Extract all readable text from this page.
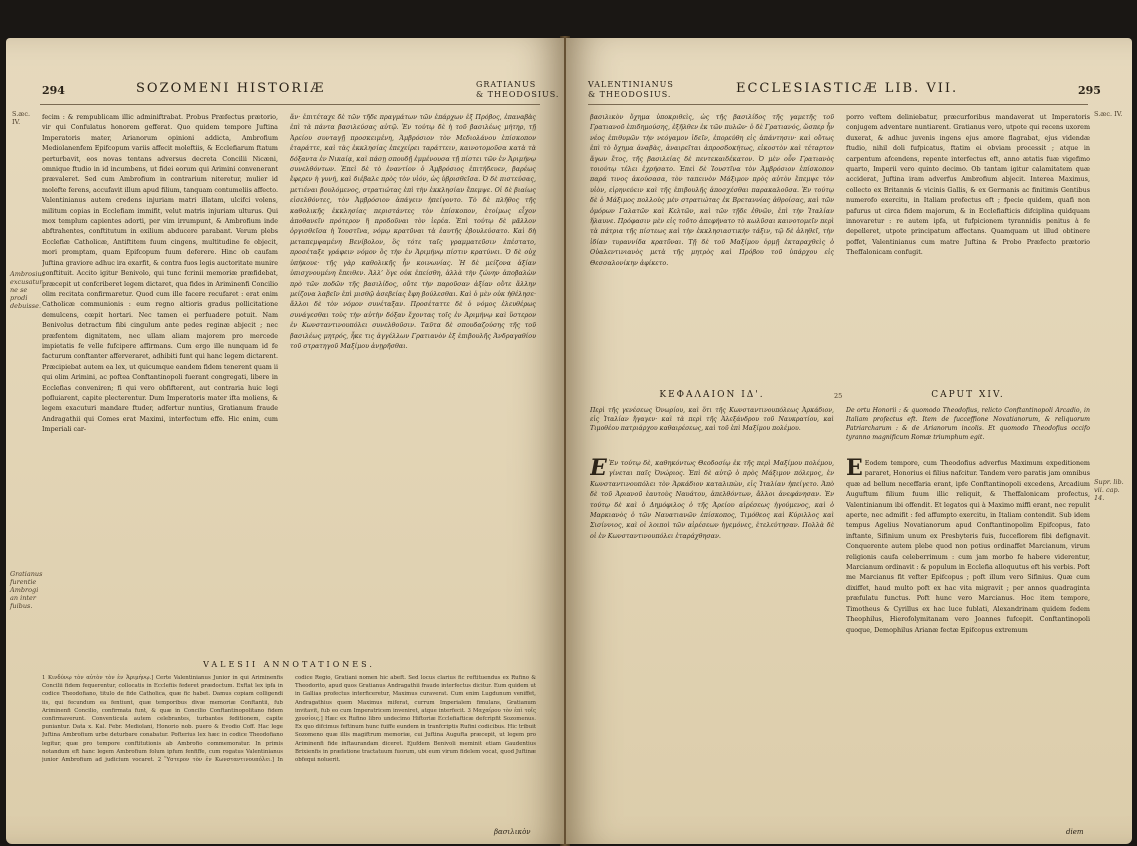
294	SOZOMENI HISTORIÆ	GRATIANUS
& THEODOSIUS.
S.æc. IV.
Ambrosius excusatur ne se prodi debuisse.
Gratianus furentie Ambrogi an inter fuibus.
fecim : & rempublicam illic adminiftrabat. Probus Præfectus prætorio, vir qui Confulatus honorem gefferat. Quo quidem tempore Juftina Imperatoris mater, Arianorum opinioni addicta, Ambrofium Mediolanenfem Epifcopum variis affecit moleftiis, & Ecclefiarum ftatum perturbavit, eos novas tentans adversus decreta Concilii Nicæni, omnique ftudio in id incumbens, ut fidei eorum qui Arimini convenerant prævaleret. Sed cum Ambrofium in contrarium niteretur, mulier id molefte ferens, accufavit illum apud filium, tanquam contumeliis affecto. Valentinianus autem credens injuriam matri illatam, ulcifci volens, militum copias in Ecclefiam immifit, velut matris injuriam ulturus. Qui mox templum capientes adorti, per vim irrumpunt, & Ambrofium inde abftrahentes, conftitutum in exilium abducere parabant. Verum plebs Ecclefiæ Catholicæ, Antiftitem fuum cingens, multitudine fe objecit, mori promptam, quam Epifcopum fuum deferere. Hinc ob caufam Juftina graviore adhuc ira exarfit, & contra fuos legis auctoritate munire conftituit. Accito igitur Benivolo, qui tunc fcrinii memoriæ præfidebat, præcepit ut confcriberet legem dictaret, qua fides in Ariminenfi Concilio olim recitata confirmaretur. Quod cum ille facere recufaret : erat enim Catholicæ communionis : eum regno altioris gradus pollicitatione demulcens, cœpit hortari. Nec tamen ei perfuadere potuit. Nam Benivolus detractum fibi cingulum ante pedes reginæ abjecit ; nec præfentem dignitatem, nec ullam aliam majorem pro mercede impietatis fe velle fufcipere affirmans. Cum ergo ille nunquam id fe facturum conftanter afferveraret, adhibiti funt qui hanc legem dictarent. Præcipiebat autem ea lex, ut quicumque eandem fidem tenerent quam ii qui olim Arimini, ac poftea Conftantinopoli fuerant congregati, libere in Ecclefias conveniren; fi qui vero obfifterent, aut contraria huic legi pofluiarent, capite plecterentur. Dum Imperatoris mater ifta moliens, & legem exacuturi mandare ftuder, adfertur nuntius, Gratianum fraude Andragathii qui Comes erat Maximi, interfectum effe. Hic enim, cum Imperiali car-
ἄν· ἐπιτέταχε δὲ τῶν τῆδε πραγμάτων τῶν ἐπάρχων ἐξ Πρόβος, ἐπαναβὰς ἐπὶ τὰ πάντα βασιλεύσας αὐτῷ. Ἐν τούτῳ δὲ ἡ τοῦ βασιλέως μήτηρ, τῇ Ἀρείου συνταγῇ προσκειμένη, Ἀμβρόσιον τὸν Μεδιολάνου ἐπίσκοπον ἐταράττε, καὶ τὰς ἐκκλησίας ἐπεχείρει ταράττειν, καινοτομοῦσα κατὰ τὰ δόξαντα ἐν Νικαίᾳ, καὶ πάσῃ σπουδῇ ἐμμένουσα τῇ πίστει τῶν ἐν Ἀριμήνῳ συνελθόντων. Ἐπεὶ δὲ τὸ ἐναντίον ὁ Ἀμβρόσιος ἐπιτήδευεν, βαρέως ἔφερεν ἡ γυνή, καὶ διέβαλε πρὸς τὸν υἱόν, ὡς ὑβρισθεῖσα. Ὁ δὲ πιστεύσας, μετιέναι βουλόμενος, στρατιώτας ἐπὶ τὴν ἐκκλησίαν ἔπεμψε. Οἱ δὲ βιαίως εἰσελθόντες, τὸν Ἀμβρόσιον ἀπάγειν ἠπείγοντο. Τὸ δὲ πλῆθος τῆς καθολικῆς ἐκκλησίας περιστάντες τὸν ἐπίσκοπον, ἑτοίμως εἶχον ἀποθανεῖν πρότερον ἢ προδοῦναι τὸν ἱερέα. Ἐπὶ τούτῳ δὲ μᾶλλον ὀργισθεῖσα ἡ Ἰουστῖνα, νόμῳ κρατῦναι τὰ ἑαυτῆς ἐβουλεύσατο. Καὶ δὴ μεταπεμψαμένη Βενίβολον, ὃς τότε ταῖς γραμματεῦσιν ἐπέστατο, προσέταξε γράφειν νόμον ὃς τὴν ἐν Ἀριμήνῳ πίστιν κρατύνει. Ὁ δὲ οὐχ ὑπήκουε· τῆς γὰρ καθολικῆς ἦν κοινωνίας. Ἡ δὲ μείζονα ἀξίαν ὑπισχνουμένη ἔπειθεν. Ἀλλ’ ὅγε οὐκ ἐπείσθη, ἀλλὰ τὴν ζώνην ἀποβαλὼν πρὸ τῶν ποδῶν τῆς βασιλίδος, οὔτε τὴν παροῦσαν ἀξίαν οὔτε ἄλλην μείζονα λαβεῖν ἐπὶ μισθῷ ἀσεβείας ἔφη βούλεσθαι. Καὶ ὁ μὲν οὐκ ἠθέλησε· ἄλλοι δὲ τὸν νόμον συνέταξαν. Προσέταττε δὲ ὁ νόμος ἐλευθέρως συνάγεσθαι τοὺς τὴν αὐτὴν δόξαν ἔχοντας τοῖς ἐν Ἀριμήνῳ καὶ ὕστερον ἐν Κωνσταντινουπόλει συνελθοῦσιν. Ταῦτα δὲ σπουδαζούσης τῆς τοῦ βασιλέως μητρός, ἧκε τις ἀγγέλλων Γρατιανὸν ἐξ ἐπιβουλῆς Ἀνδραγαθίου τοῦ στρατηγοῦ Μαξίμου ἀνῃρῆσθαι.
VALESII ANNOTATIONES.
1 Κινδύνῳ τὸν αὐτὸν τὸν ἐν Ἀριμήνῳ.] Certe Valentinianus Junior in qui Ariminenfis Concilii fidem fequerentur, collocatis in Ecclefiis federet prædoctum. Exftat lex ipfa in codice Theodofiano, titulo de fide Catholica, quæ fic habet. Damus copiam colligendi iis, qui fecundum ea fentiunt, quæ temporibus divæ memoriæ Conftantii, fub Ariminenfi Concilio, confirmata funt, & quæ in Concilio Conftantinopolitano fidem confirmaverunt. Conventicula autem celebrantes, turbantes feditionem, capite puniantur. Data x. Kal. Febr. Mediolani, Honorio nob. puero & Evodio Coff. Hac lege Juftina Ambrofium urbe deturbare conabatur. Pofterius lex hæc in codice Theodofiano legitur, quæ pro tempore conftitutionis ab Ambrofio commemoratur. In primis notandum eft hanc legem Ambrofium folum ipfum fenfiffe, cum rogatus Valentinianus junior Ambrofium ad judicium vocaret. 2 Ὕστερον τὸν ἐν Κωνσταντινουπόλει.] In codice Regio, Gratiani nomen hic abeft. Sed locus clarius fic reftituendus ex Rufino & Theodorito, apud quos Gratianus Andragathii fraude interfectus dicitur. Eum quidem ut in Gallias profectus interficeretur, Maximus curaverat. Cum enim Lugdunum veniffet, Andragathius quem Maximus miferat, currum Imperialem fimulans, Gratianum invitavit, fub eo cum Imperatricem inveniret, atque interfecit. 3 Μαχαίρου τὸν ἐπὶ τοῖς χρυσίοις.] Hæc ex Rufino libro undecimo Hiftoriæ Ecclefiafticæ defcripfit Sozomenus. Ex quo difcimus feftinum hunc fuiffe eundem in tranfcriptis Rufini codicibus. Hic tribuit Sozomeno quæ illis magiftrum memoriæ, cui Juftina Augufta præcepit, ut legem pro Ariminenfi fide inftaurandam diceret. Ejufdem Benivoli meminit etiam Gaudentius Brixienfis in præfatione tractatuum fuorum, ubi eum virum fidelem vocat, quod Juftinæ obfequi noluerit.
βασιλικὸν
VALENTINIANUS
& THEODOSIUS.	ECCLESIASTICÆ LIB. VII.	295
S.æc. IV.
βασιλικὸν ὄχημα ὑποκριθεὶς, ὡς τῆς βασιλίδος τῆς γαμετῆς τοῦ Γρατιανοῦ ἐπιδημούσης, ἐξῆλθεν ἐκ τῶν πυλῶν· ὁ δὲ Γρατιανός, ὥσπερ ἦν νέος ἐπιθυμῶν τὴν νεόγαμον ἰδεῖν, ἐπορεύθη εἰς ἀπάντησιν· καὶ οὕτως ἐπὶ τὸ ὄχημα ἀναβὰς, ἀναιρεῖται ἀπροσδοκήτως, εἰκοστὸν καὶ τέταρτον ἄγων ἔτος, τῆς βασιλείας δὲ πεντεκαιδέκατον. Ὁ μὲν οὖν Γρατιανὸς τοιούτῳ τέλει ἐχρήσατο. Ἐπεὶ δὲ Ἰουστῖνα τὸν Ἀμβρόσιον ἐπίσκοπον παρά τινος ἀκούσασα, τὸν ταπεινὸν Μάξιμον πρὸς αὐτὸν ἔπεμψε τὸν υἱὸν, εἰρηνεύειν καὶ τῆς ἐπιβουλῆς ἀποσχέσθαι παρακαλοῦσα. Ἐν τούτῳ δὲ ὁ Μάξιμος πολλοὺς μὲν στρατιώτας ἐκ Βρεταννίας ἀθροίσας, καὶ τῶν ὁμόρων Γαλατῶν καὶ Κελτῶν, καὶ τῶν τῇδε ἐθνῶν, ἐπὶ τὴν Ἰταλίαν ἤλαυνε. Πρόφασιν μὲν εἰς τοῦτο ἀπεφήνατο τὸ κωλῦσαι καινοτομεῖν περὶ τὰ πάτρια τῆς πίστεως καὶ τὴν ἐκκλησιαστικὴν τάξιν, τῷ δὲ ἀληθεῖ, τὴν ἰδίαν τυραννίδα κρατῦναι. Τῇ δὲ τοῦ Μαξίμου ὁρμῇ ἐκταραχθεὶς ὁ Οὐαλεντινιανὸς μετὰ τῆς μητρὸς καὶ Πρόβου τοῦ ὑπάρχου εἰς Θεσσαλονίκην ἀφίκετο.
porro veftem deliniebatur, præcurforibus mandaverat ut Imperatoris conjugem adventare nuntiarent. Gratianus vero, utpote qui recens uxorem duxerat, & adhuc juvenis ingens ejus amore flagrabat, ejus videndæ ftudio, nihil doli fufpicatus, ftatim ei obviam processit ; atque in carpentum afcendens, repente interfectus eft, anno ætatis fuæ vigefimo quarto, Imperii vero quinto decimo. Ob tantam igitur calamitatem quæ acciderat, Juftina iram adverfus Ambrofium abjecit. Interea Maximus, collecto ex Britannis & vicinis Gallis, & ex Germanis ac finitimis Gentibus numerofo exercitu, in Italiam profectus eft ; fpecie quidem, quafi non pafurus ut circa fidem majorum, & in Ecclefiafticis difciplina quidquam innovaretur : re autem ipfa, ut fufpicionem tyrannidis penitus à fe depelleret, utpote principatum affectans. Quamquam ut illud obtinere poffet, Valentinianus cum matre Juftina & Probo Præfecto prætorio Theffalonicam confugit.
ΚΕΦΑΛΑΙΟΝ ΙΔ'.	CAPUT XIV.
25
Περὶ τῆς γενέσεως Ὁνωρίου, καὶ ὅτι τῆς Κωνσταντινουπόλεως Ἀρκάδιον, εἰς Ἰταλίαν ἤγαγεν· καὶ τὰ περὶ τῆς Ἀλεξάνδρου τοῦ Ναυκρατίου, καὶ Τιμοθέου πατριάρχου καθαιρέσεως, καὶ τοῦ ἐπὶ Μαξίμου πολέμου.
De ortu Honorii : & quomodo Theodofius, relicto Conftantinopoli Arcadio, in Italiam profectus eft. Item de fucceffione Novatianorum, & reliquorum Patriarcharum : & de Arianorum incolis. Et quomodo Theodofius occifo tyranno magnificum Romæ triumphum egit.
Ε Ἐν τούτῳ δὲ, καθηκόντως Θεοδοσίῳ ἐκ τῆς περὶ Μαξίμου πολέμου, γίνεται παῖς Ὁνώριος. Ἐπὶ δὲ αὐτῷ ὁ πρὸς Μάξιμον πόλεμος, ἐν Κωνσταντινουπόλει τὸν Ἀρκάδιον καταλιπὼν, εἰς Ἰταλίαν ἠπείγετο. Ἀπὸ δὲ τοῦ Ἀριανοῦ ἑαυτοὺς Ναυάτου, ἀπελθόντων, ἄλλοι ἀνεφάνησαν. Ἐν τούτῳ δὲ καὶ ὁ Δημόφιλος ὁ τῆς Ἀρείου αἱρέσεως ἡγούμενος, καὶ ὁ Μαρκιανὸς ὁ τῶν Ναυατιανῶν ἐπίσκοπος, Τιμόθεος καὶ Κύριλλος καὶ Σισίννιος, καὶ οἱ λοιποὶ τῶν αἱρέσεων ἡγεμόνες, ἐτελεύτησαν. Πολλὰ δὲ οἱ ἐν Κωνσταντινουπόλει ἐταράχθησαν.
E Eodem tempore, cum Theodofius adverfus Maximum expeditionem pararet, Honorius ei filius nafcitur. Tandem vero paratis jam omnibus quæ ad bellum neceffaria erant, ipfe Conftantinopoli excedens, Arcadium Auguftum filium fuum illic reliquit, & Theffalonicam profectus, Valentinianum ibi offendit. Et legatos qui à Maximo miffi erant, nec repulit aperte, nec admifit : fed affumpto exercitu, in Italiam contendit. Sub idem tempus Agelius Novatianorum apud Conftantinopolim Epifcopus, fato inftante, Sifinium unum ex Presbyteris fuis, fucceflorem fibi defignavit. Conquerente autem plebe quod non potius ordinaffet Marcianum, virum religionis caufa celeberrimum : cum jam morbo fe habere viderentur, Marcianum ordinavit : & populum in Ecclefia alloquutus eft his verbis. Poft me Marcianus fit vefter Epifcopus ; poft illum vero Sifinius. Quæ cum dixiffet, haud multo poft ex hac vita migravit ; per annos quadraginta præfulatu functus. Poft hunc vero Marcianus. Hoc item tempore, Timotheus & Cyrillus ex hac luce fublati, Alexandrinam quidem fedem Theophilus, Hierofolymitanam vero Joannes fufcepit. Conftantinopoli quoque, Demophilus Arianæ fectæ Epifcopus extremum
Supr. lib. vii. cap. 14.
diem
